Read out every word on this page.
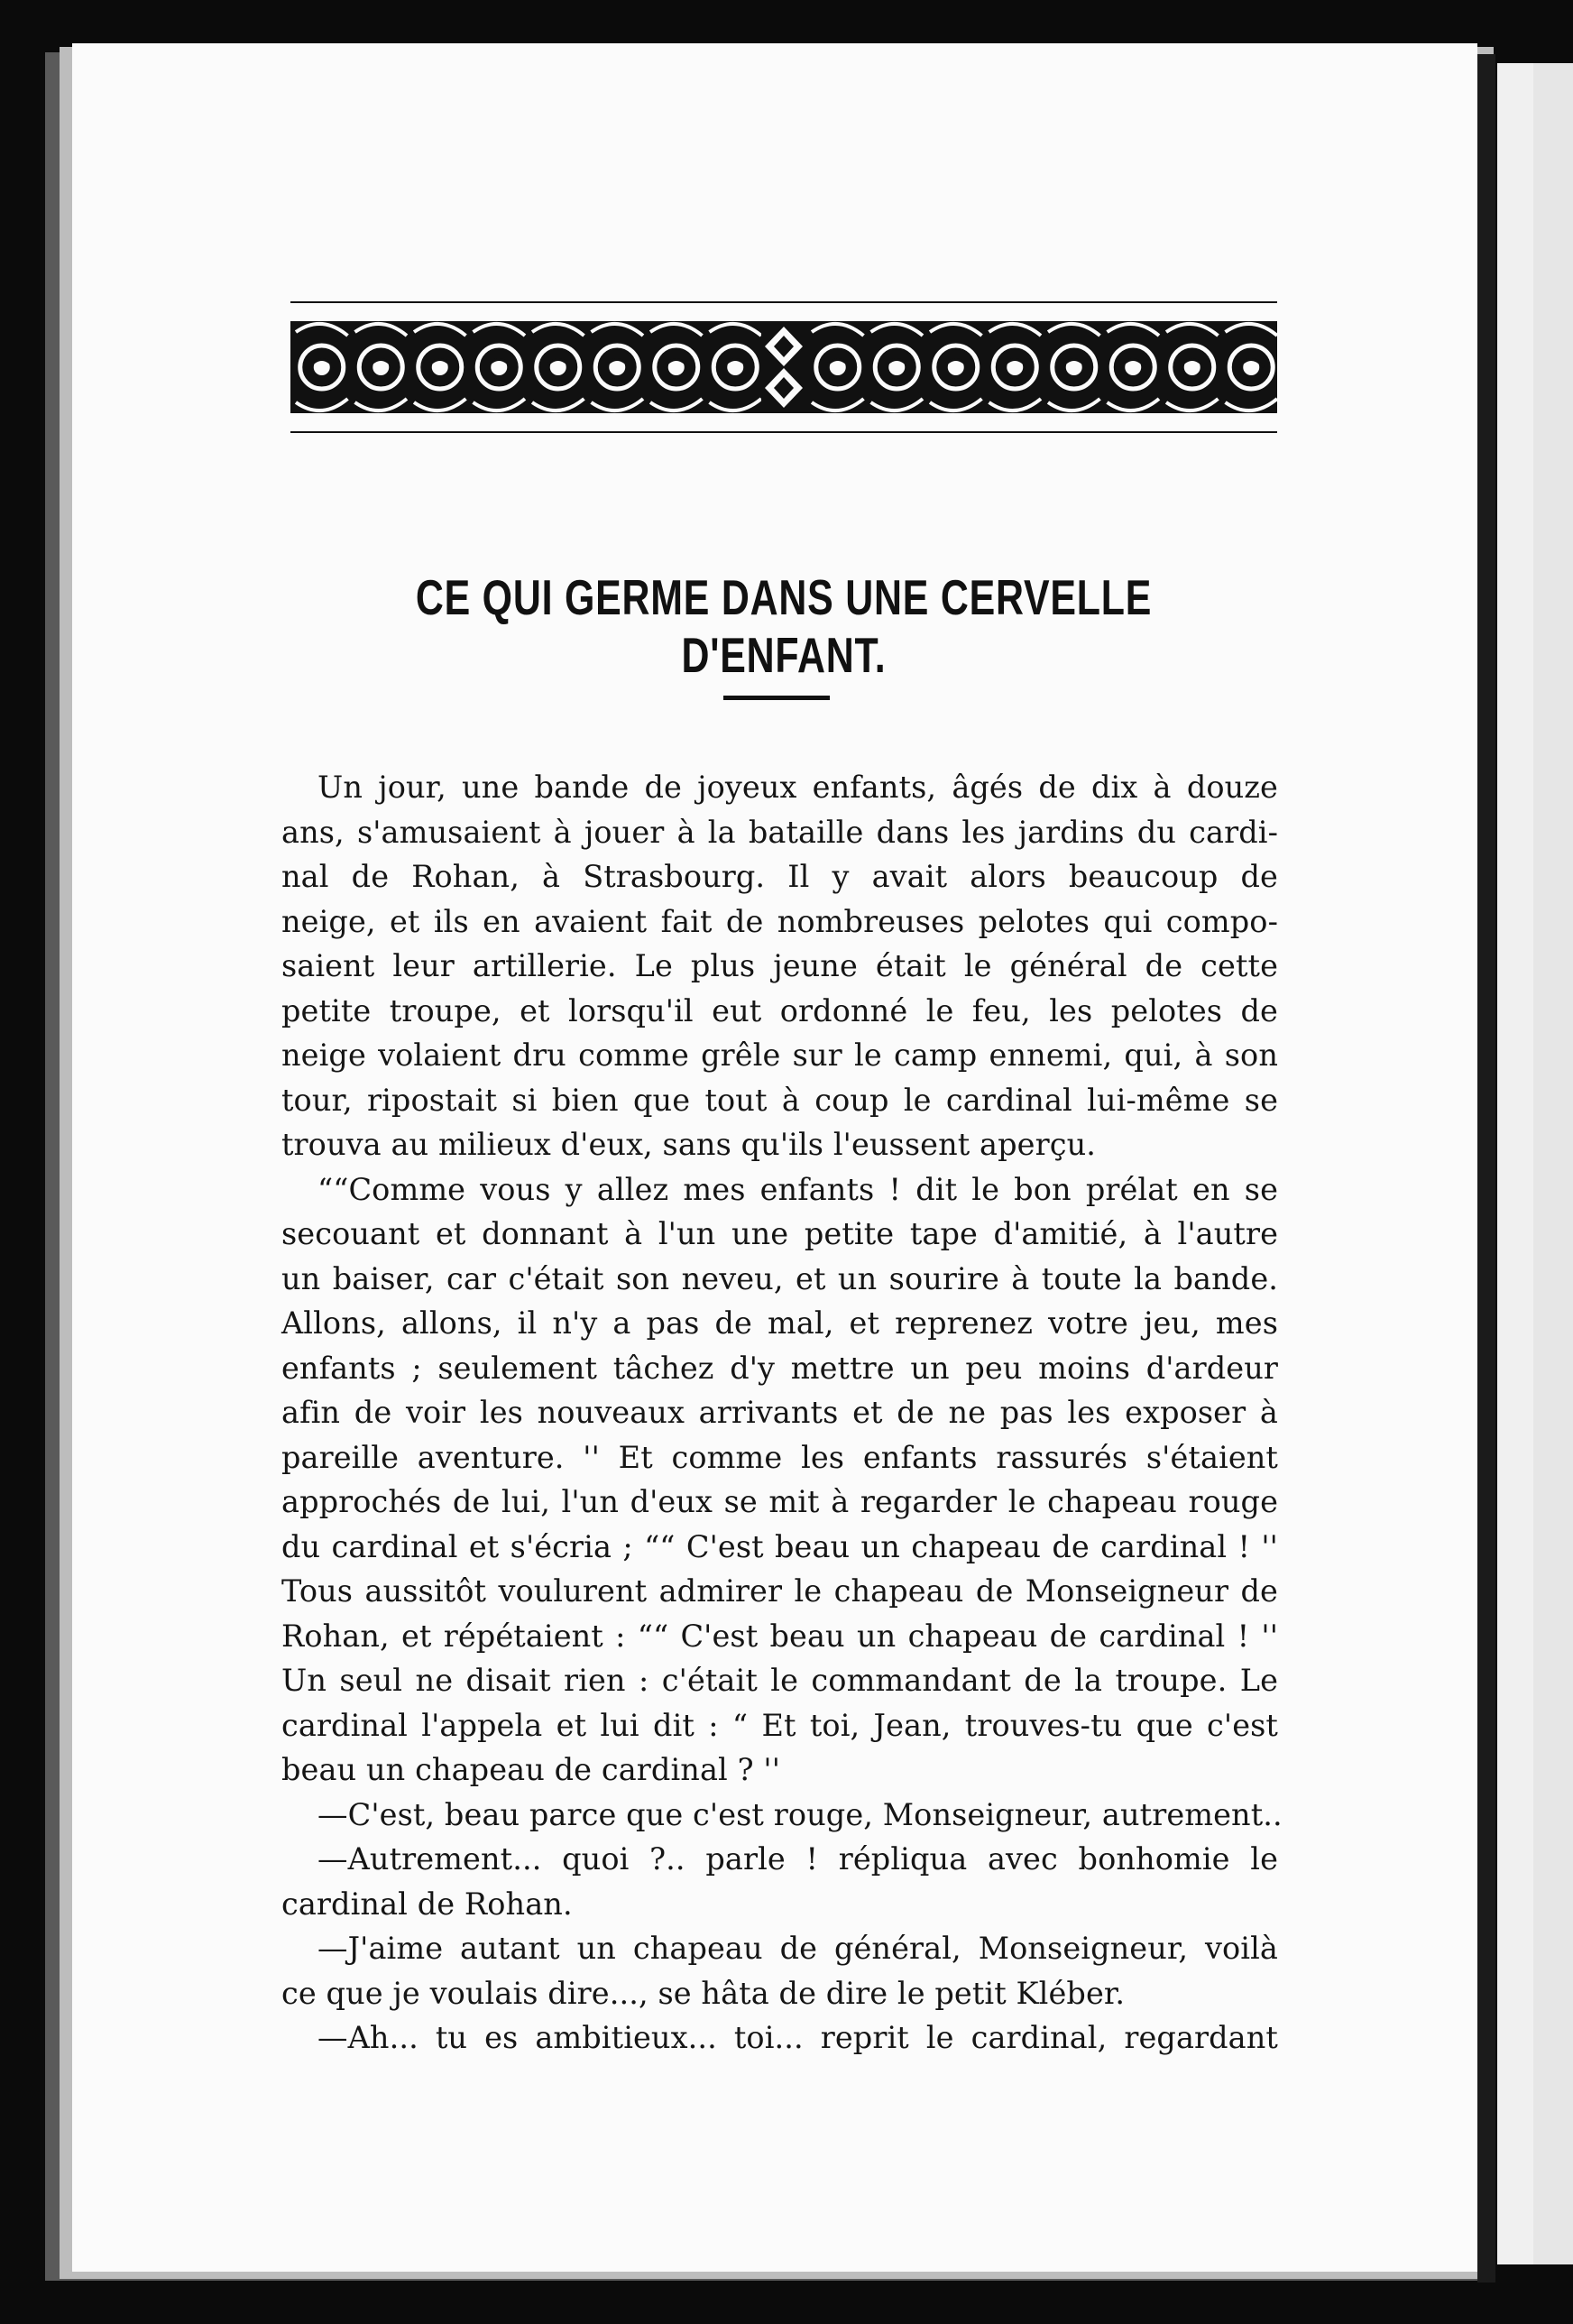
CE QUI GERME DANS UNE CERVELLE D'ENFANT.
Un jour, une bande de joyeux enfants, âgés de dix à douze
ans, s'amusaient à jouer à la bataille dans les jardins du cardi-
nal de Rohan, à Strasbourg. Il y avait alors beaucoup de
neige, et ils en avaient fait de nombreuses pelotes qui compo-
saient leur artillerie. Le plus jeune était le général de cette
petite troupe, et lorsqu'il eut ordonné le feu, les pelotes de
neige volaient dru comme grêle sur le camp ennemi, qui, à son
tour, ripostait si bien que tout à coup le cardinal lui-même se
trouva au milieux d'eux, sans qu'ils l'eussent aperçu.
““Comme vous y allez mes enfants ! dit le bon prélat en se
secouant et donnant à l'un une petite tape d'amitié, à l'autre
un baiser, car c'était son neveu, et un sourire à toute la bande.
Allons, allons, il n'y a pas de mal, et reprenez votre jeu, mes
enfants ; seulement tâchez d'y mettre un peu moins d'ardeur
afin de voir les nouveaux arrivants et de ne pas les exposer à
pareille aventure. '' Et comme les enfants rassurés s'étaient
approchés de lui, l'un d'eux se mit à regarder le chapeau rouge
du cardinal et s'écria ; ““ C'est beau un chapeau de cardinal ! ''
Tous aussitôt voulurent admirer le chapeau de Monseigneur de
Rohan, et répétaient : ““ C'est beau un chapeau de cardinal ! ''
Un seul ne disait rien : c'était le commandant de la troupe. Le
cardinal l'appela et lui dit : “ Et toi, Jean, trouves-tu que c'est
beau un chapeau de cardinal ? ''
—C'est, beau parce que c'est rouge, Monseigneur, autrement..
—Autrement... quoi ?.. parle ! répliqua avec bonhomie le
cardinal de Rohan.
—J'aime autant un chapeau de général, Monseigneur, voilà
ce que je voulais dire..., se hâta de dire le petit Kléber.
—Ah... tu es ambitieux... toi... reprit le cardinal, regardant
